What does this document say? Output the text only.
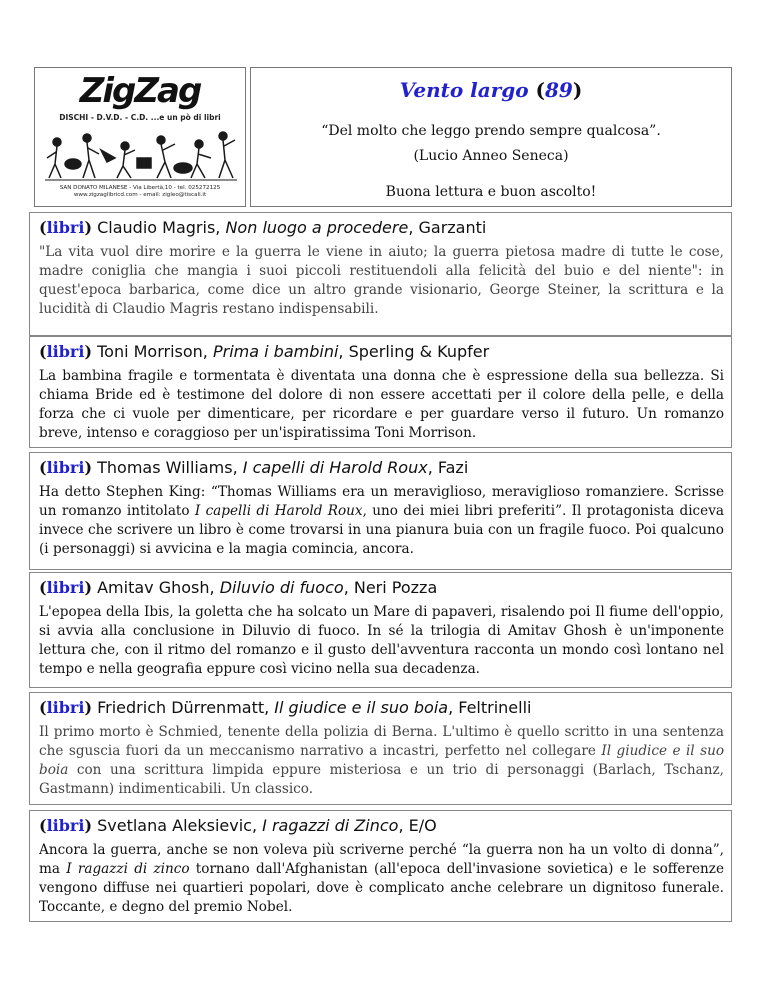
ZigZag
DISCHI - D.V.D. - C.D. ...e un pò di libri
SAN DONATO MILANESE - Via Libertà,10 - tel. 025272125
www.zigzaglibricd.com - email: zigleo@tiscali.it
Vento largo (89)
“Del molto che leggo prendo sempre qualcosa”.
(Lucio Anneo Seneca)
Buona lettura e buon ascolto!
(libri) Claudio Magris, Non luogo a procedere, Garzanti
"La vita vuol dire morire e la guerra le viene in aiuto; la guerra pietosa madre di tutte le cose, madre coniglia che mangia i suoi piccoli restituendoli alla felicità del buio e del niente": in quest'epoca barbarica, come dice un altro grande visionario, George Steiner, la scrittura e la lucidità di Claudio Magris restano indispensabili.
(libri) Toni Morrison, Prima i bambini, Sperling & Kupfer
La bambina fragile e tormentata è diventata una donna che è espressione della sua bellezza. Si chiama Bride ed è testimone del dolore di non essere accettati per il colore della pelle, e della forza che ci vuole per dimenticare, per ricordare e per guardare verso il futuro. Un romanzo breve, intenso e coraggioso per un'ispiratissima Toni Morrison.
(libri) Thomas Williams, I capelli di Harold Roux, Fazi
Ha detto Stephen King: “Thomas Williams era un meraviglioso, meraviglioso romanziere. Scrisse un romanzo intitolato I capelli di Harold Roux, uno dei miei libri preferiti”. Il protagonista diceva invece che scrivere un libro è come trovarsi in una pianura buia con un fragile fuoco. Poi qualcuno (i personaggi) si avvicina e la magia comincia, ancora.
(libri) Amitav Ghosh, Diluvio di fuoco, Neri Pozza
L'epopea della Ibis, la goletta che ha solcato un Mare di papaveri, risalendo poi Il fiume dell'oppio, si avvia alla conclusione in Diluvio di fuoco. In sé la trilogia di Amitav Ghosh è un'imponente lettura che, con il ritmo del romanzo e il gusto dell'avventura racconta un mondo così lontano nel tempo e nella geografia eppure così vicino nella sua decadenza.
(libri) Friedrich Dürrenmatt, Il giudice e il suo boia, Feltrinelli
Il primo morto è Schmied, tenente della polizia di Berna. L'ultimo è quello scritto in una sentenza che sguscia fuori da un meccanismo narrativo a incastri, perfetto nel collegare Il giudice e il suo boia con una scrittura limpida eppure misteriosa e un trio di personaggi (Barlach, Tschanz, Gastmann) indimenticabili. Un classico.
(libri) Svetlana Aleksievic, I ragazzi di Zinco, E/O
Ancora la guerra, anche se non voleva più scriverne perché “la guerra non ha un volto di donna”, ma I ragazzi di zinco tornano dall'Afghanistan (all'epoca dell'invasione sovietica) e le sofferenze vengono diffuse nei quartieri popolari, dove è complicato anche celebrare un dignitoso funerale. Toccante, e degno del premio Nobel.
